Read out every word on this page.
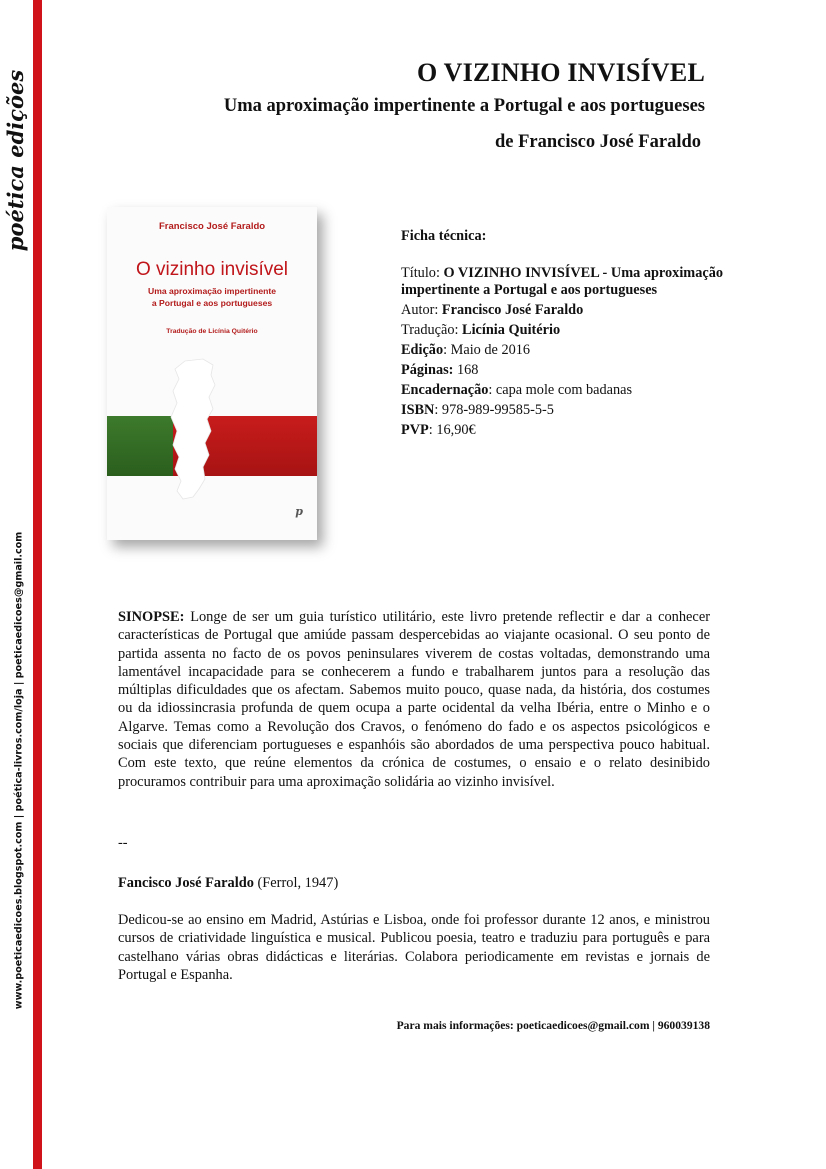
poética edições
www.poeticaedicoes.blogspot.com | poética-livros.com/loja | poeticaedicoes@gmail.com
O VIZINHO INVISÍVEL
Uma aproximação impertinente a Portugal e aos portugueses
de Francisco José Faraldo
Francisco José Faraldo
O vizinho invisível
Uma aproximação impertinente
a Portugal e aos portugueses
Tradução de Licínia Quitério
p
Ficha técnica:
Título: O VIZINHO INVISÍVEL - Uma aproximação impertinente a Portugal e aos portugueses
Autor: Francisco José Faraldo
Tradução: Licínia Quitério
Edição: Maio de 2016
Páginas: 168
Encadernação: capa mole com badanas
ISBN: 978-989-99585-5-5
PVP: 16,90€
SINOPSE: Longe de ser um guia turístico utilitário, este livro pretende reflectir e dar a conhecer características de Portugal que amiúde passam despercebidas ao viajante ocasional. O seu ponto de partida assenta no facto de os povos peninsulares viverem de costas voltadas, demonstrando uma lamentável incapacidade para se conhecerem a fundo e trabalharem juntos para a resolução das múltiplas dificuldades que os afectam. Sabemos muito pouco, quase nada, da história, dos costumes ou da idiossincrasia profunda de quem ocupa a parte ocidental da velha Ibéria, entre o Minho e o Algarve. Temas como a Revolução dos Cravos, o fenómeno do fado e os aspectos psicológicos e sociais que diferenciam portugueses e espanhóis são abordados de uma perspectiva pouco habitual. Com este texto, que reúne elementos da crónica de costumes, o ensaio e o relato desinibido procuramos contribuir para uma aproximação solidária ao vizinho invisível.
--
Fancisco José Faraldo (Ferrol, 1947)
Dedicou-se ao ensino em Madrid, Astúrias e Lisboa, onde foi professor durante 12 anos, e ministrou cursos de criatividade linguística e musical. Publicou poesia, teatro e traduziu para português e para castelhano várias obras didácticas e literárias. Colabora periodicamente em revistas e jornais de Portugal e Espanha.
Para mais informações: poeticaedicoes@gmail.com | 960039138
